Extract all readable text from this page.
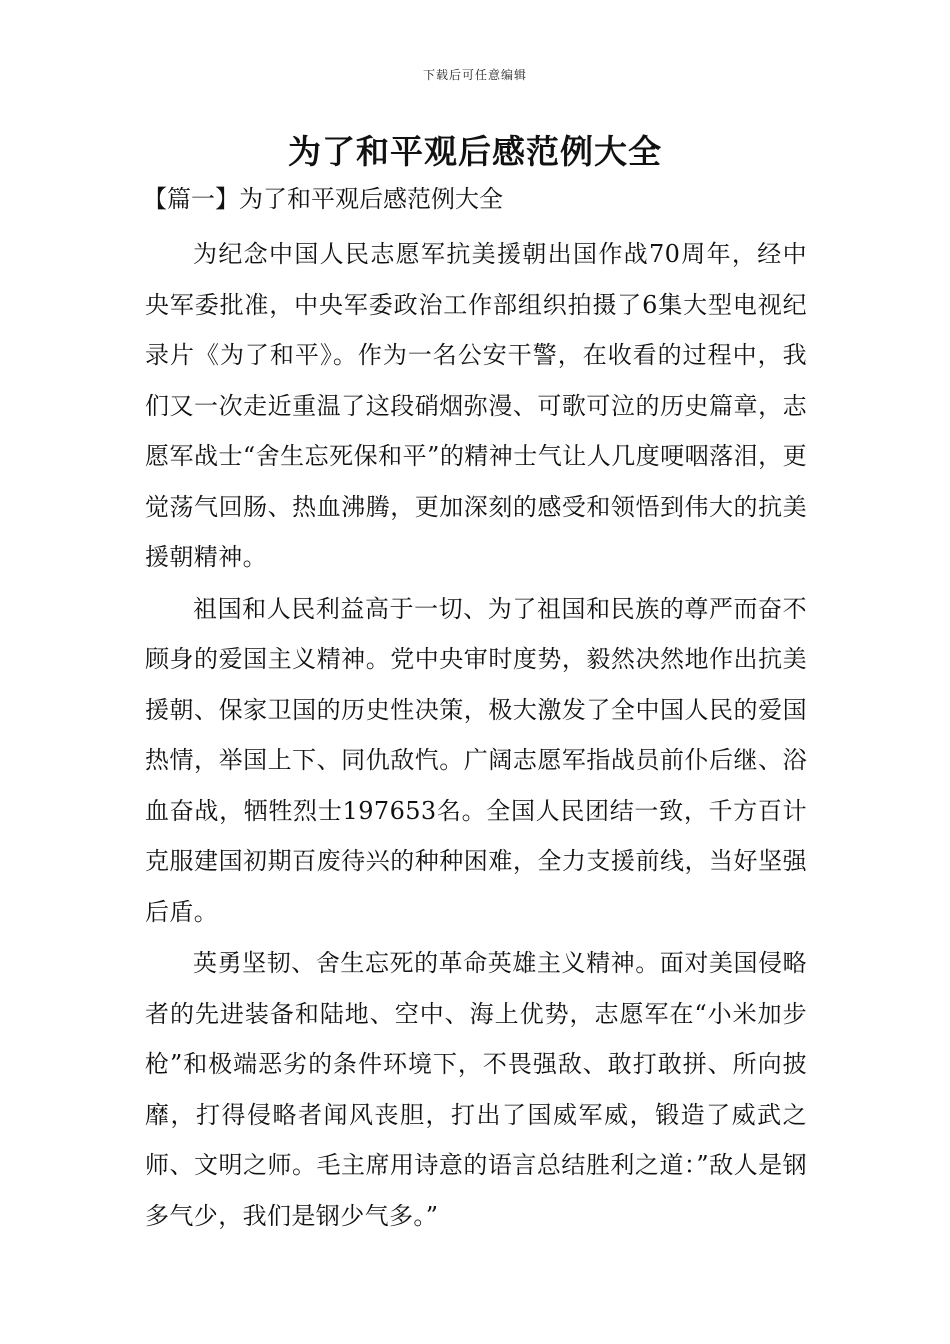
下载后可任意编辑
为了和平观后感范例大全
【篇一】为了和平观后感范例大全

为纪念中国人民志愿军抗美援朝出国作战70周年，经中央军委批准，中央军委政治工作部组织拍摄了6集大型电视纪录片《为了和平》。作为一名公安干警，在收看的过程中，我们又一次走近重温了这段硝烟弥漫、可歌可泣的历史篇章，志愿军战士“舍生忘死保和平”的精神士气让人几度哽咽落泪，更觉荡气回肠、热血沸腾，更加深刻的感受和领悟到伟大的抗美援朝精神。

祖国和人民利益高于一切、为了祖国和民族的尊严而奋不顾身的爱国主义精神。党中央审时度势，毅然决然地作出抗美援朝、保家卫国的历史性决策，极大激发了全中国人民的爱国热情，举国上下、同仇敌忾。广阔志愿军指战员前仆后继、浴血奋战，牺牲烈士197653名。全国人民团结一致，千方百计克服建国初期百废待兴的种种困难，全力支援前线，当好坚强后盾。

英勇坚韧、舍生忘死的革命英雄主义精神。面对美国侵略者的先进装备和陆地、空中、海上优势，志愿军在“小米加步枪”和极端恶劣的条件环境下，不畏强敌、敢打敢拼、所向披靡，打得侵略者闻风丧胆，打出了国威军威，锻造了威武之师、文明之师。毛主席用诗意的语言总结胜利之道：”敌人是钢多气少，我们是钢少气多。”
